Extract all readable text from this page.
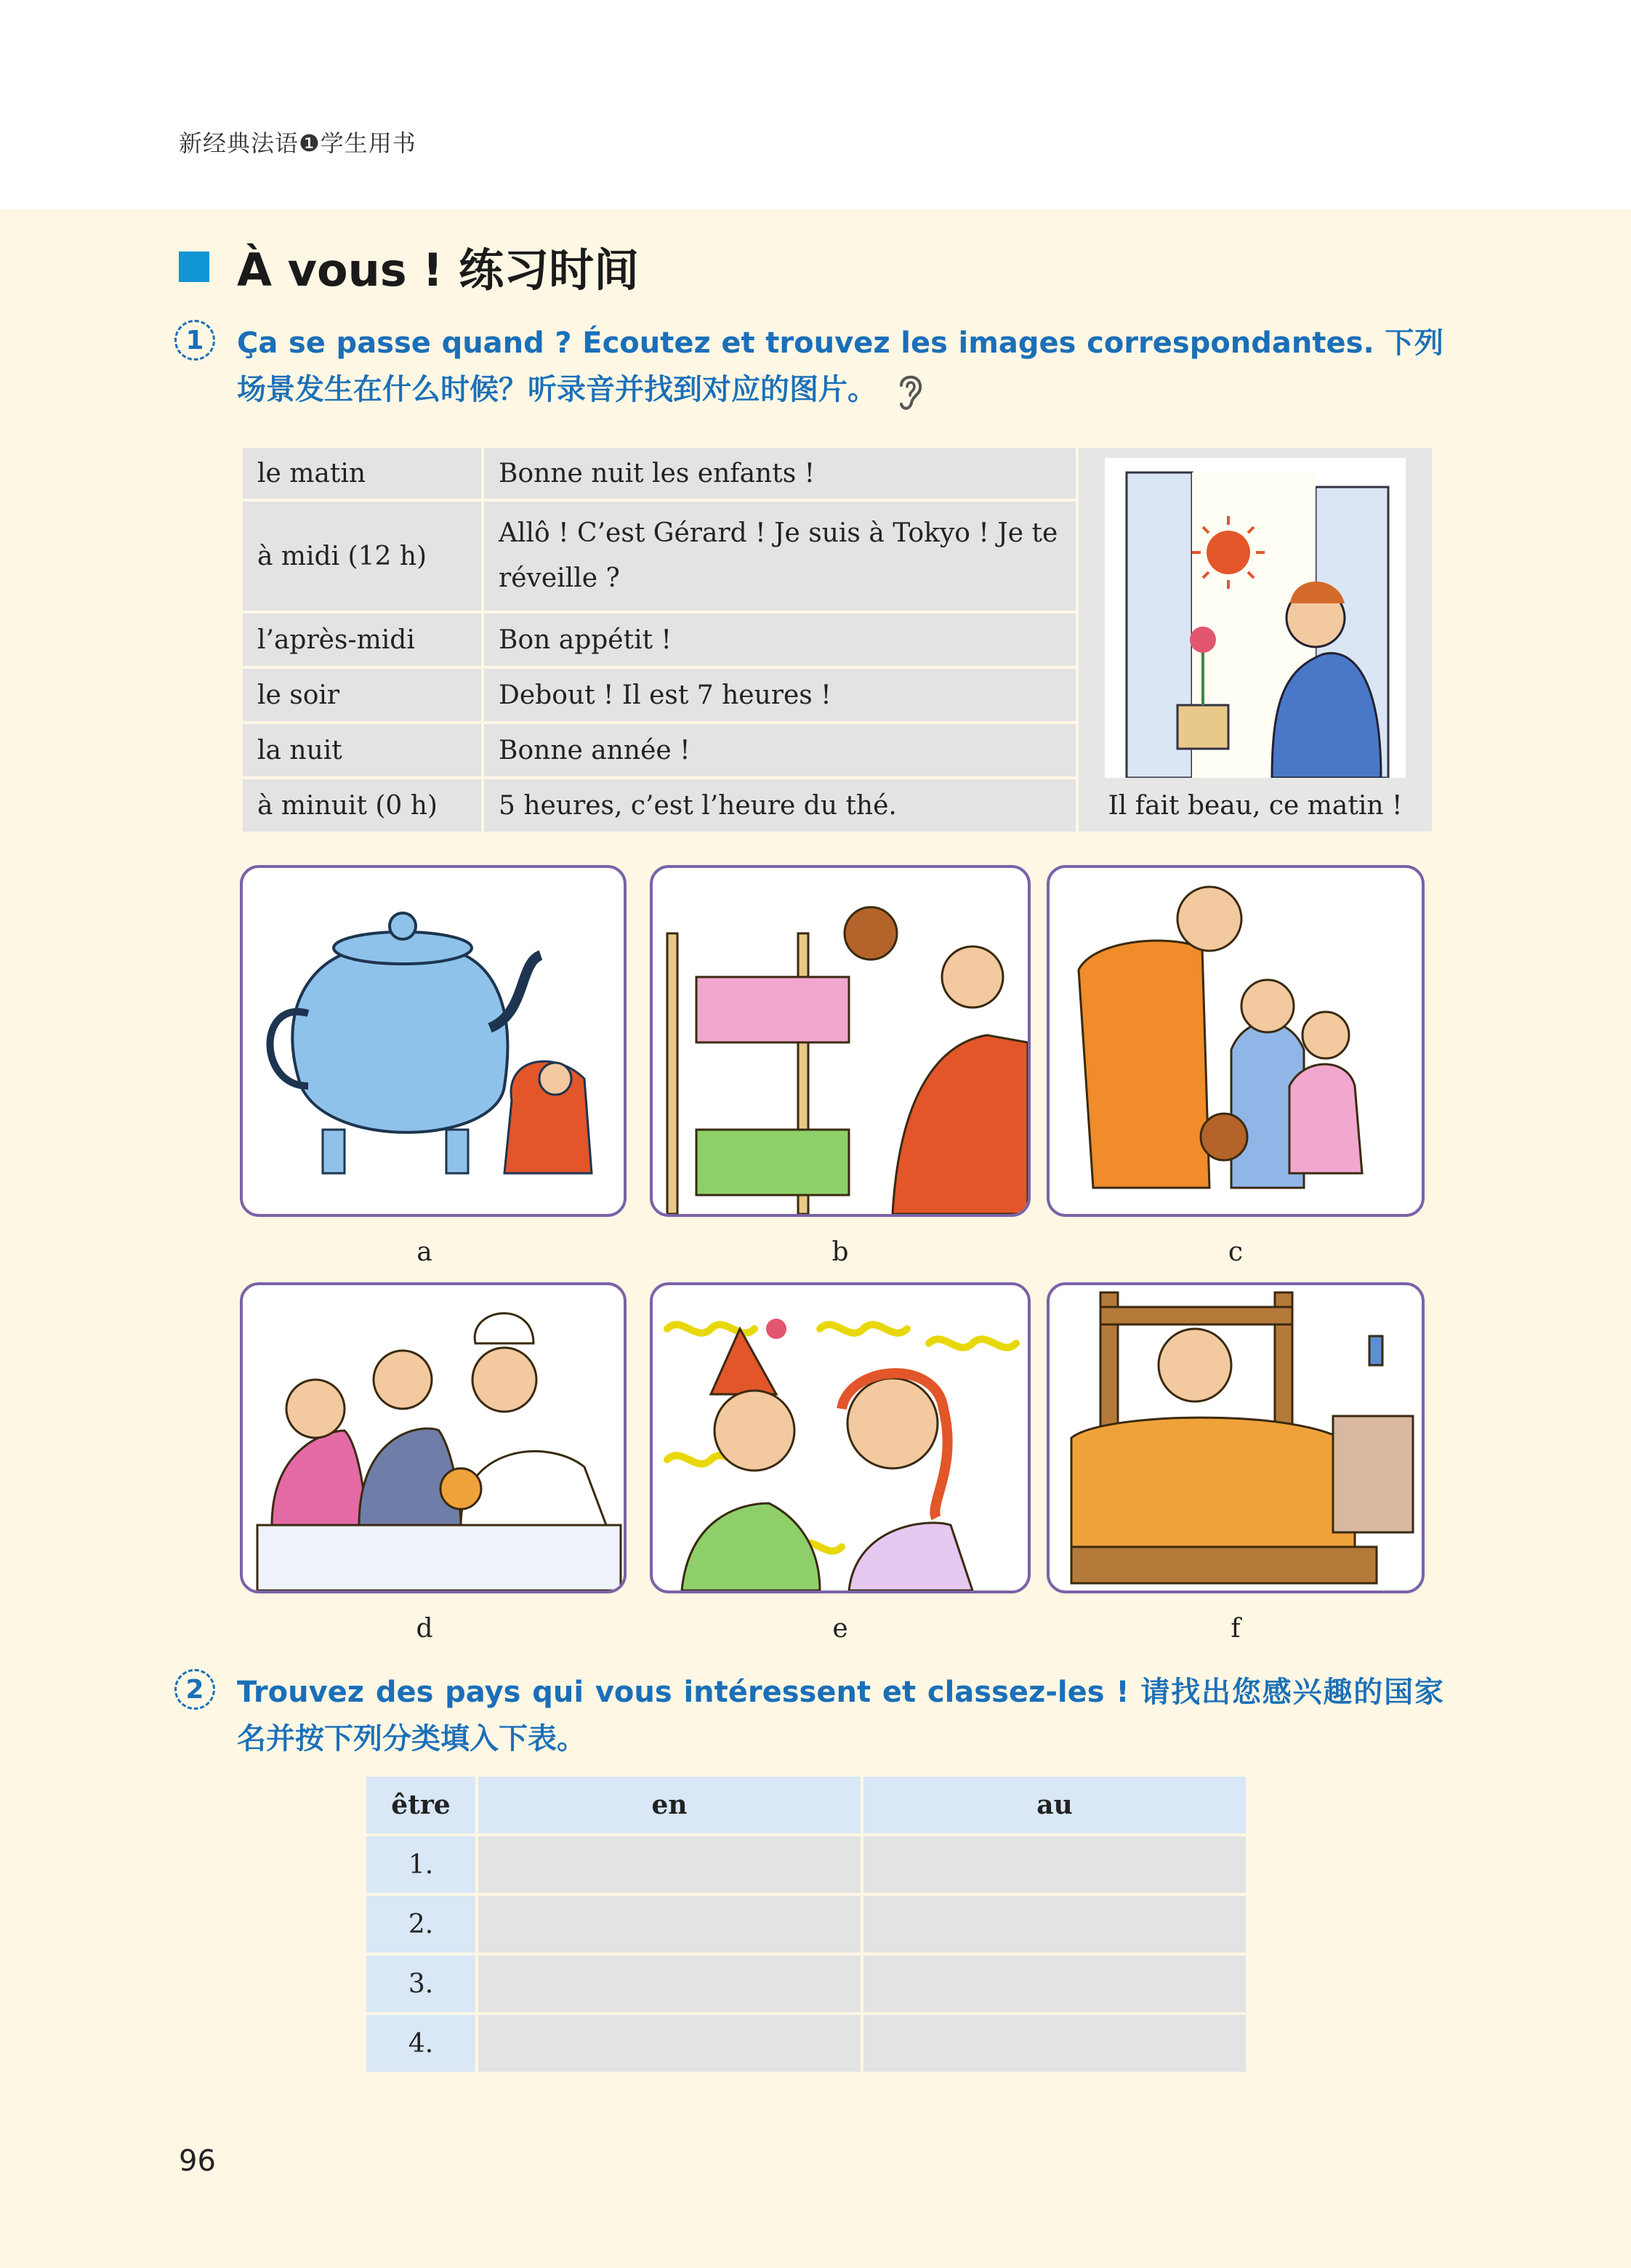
新经典法语❶学生用书
À vous ! 练习时间
1	Ça se passe quand ? Écoutez et trouvez les images correspondantes. 下列场景发生在什么时候？听录音并找到对应的图片。
le matin	Bonne nuit les enfants !	Il fait beau, ce matin !

à midi (12 h)	Allô ! C’est Gérard ! Je suis à Tokyo ! Je te réveille ?	
l’après-midi	Bon appétit !	
le soir	Debout ! Il est 7 heures !	
la nuit	Bonne année !	
à minuit (0 h)	5 heures, c’est l’heure du thé.	
a	b	c
d	e	f
2	Trouvez des pays qui vous intéressent et classez-les ! 请找出您感兴趣的国家名并按下列分类填入下表。
être	en	au
1.		
2.		
3.		
4.		
96
